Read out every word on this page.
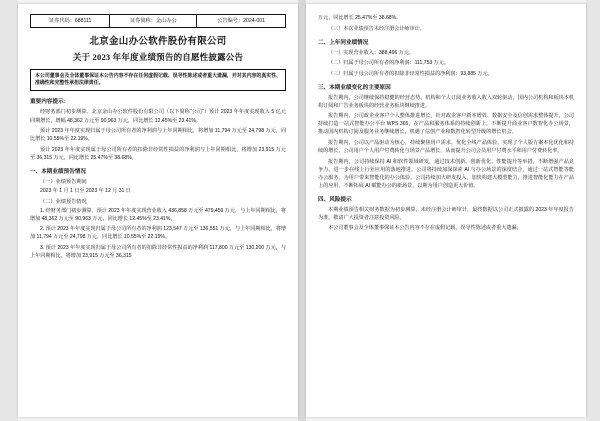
证券代码：688111	证券简称：金山办公	公告编号：2024-001
北京金山办公软件股份有限公司
关于 2023 年年度业绩预告的自愿性披露公告
本公司董事会及全体董事保证本公告内容不存在任何虚假记载、误导性陈述或者重大遗漏，并对其内容的真实性、准确性和完整性承担法律责任。
重要内容提示：

经财务部门初步测算，北京金山办公软件股份有限公司（以下简称"公司"）预计 2023 年年度实现收入 5 亿元同期增长，增幅 48,362 万元至 90,963 万元，同比增长 12.45%至 23.41%。

预计 2023 年年度实现归属于母公司所有者的净利润与上年同期相比，将增加 11,794 万元至 24,798 万元，同比增长 10.55%至 22.19%。

预计 2023 年年度实现属于母公司所有者的扣除非经常性损益的净利润与上年同期相比，将增加 23,915 万元至 36,315 万元，同比增长 25.47%至 38.68%。

一、本期业绩预告情况
（一）业绩预告期间

2023 年 1 月 1 日至 2023 年 12 月 31 日

（二）业绩预告情况

1. 经财务部门初步测算，预计 2023 年年度实现营业收入 436,858 万元至 479,459 万元，与上年同期相比，将增加 48,362 万元至 90,963 万元，同比增长 12.45%至 23.41%。

2. 预计 2023 年年度实现归属于母公司所有者的净利润 123,547 万元至 136,551 万元，与上年同期相比，将增加 11,794 万元至 24,798 万元，同比增长 10.55%至 22.19%。

3. 预计 2023 年年度实现归属于母公司所有者的扣除非经常性损益的净利润 117,800 万元至 130,200 万元，与上年同期相比，将增加 23,915 万元至 36,315

万元，同比增长 25.47%至 38.68%。

（三）本次业绩预告未经注册会计师审计。

二、上年同业绩情况

（一）实现营业收入：388,496 万元。

（二）归属于母公司所有者的净利润：111,753 万元。

（三）归属于母公司所有者的扣除非经常性损益的净利润：93,885 万元。

三、本期业绩变化的主要原因

报告期内，公司继续保持稳健的经营态势，机构和个人订阅业务收入收入双轮驱动，国内公司机构和板块本机构订阅和广告业务板块的经营业务板块继续推进。

报告期内，公司政企业客户个人整体推进增长，针对政企客户新本增效、数据安全及信创需求整体提升，公司持续打造一站式智能办公平台 WPS 365，在产品和服务体系的持续创新上，不断提升商业客户数智化办公场景，推动国内机构订阅及服务业务继续增长，机遇了信创产业和数智化转型升级的增长机会。

报告期内，公司以产品驱动为核心，持续聚焦用户需求，优化全线产品体验，实现了个人版方案本化优化和持续的增长。公司用户个人用户付费转化与场景产品增长，从而提升公司会员用户付费水平和用户付费转化率。

报告期内，公司持续保持 AI 和软件领域研发，通过技术创新、创新优化、性能提升等举措，不断增强产品竞争力。进一步在线上行业应用的落地推进。公司将持续加深探索 AI 与办公场景的深度结合，通过一站式智能等能办公服务，为用户带来智能化的办公体验。公司持续加大研发投入，加快构建大模型能力，推进智能化能力在产品上的应用，不断拓展 AI 赋能办公的新场景，以期为用户创造更大价值。

四、风险提示

本期业绩预告相关财务数据为初步测算，未经注册会计师审计，最终数据以公司正式披露的 2023 年年度报告为准。敬请广大投资者注意投资风险。

本公司董事会及全体董事保证本公告内容不存在虚假记载、误导性陈述或者重大遗漏。
